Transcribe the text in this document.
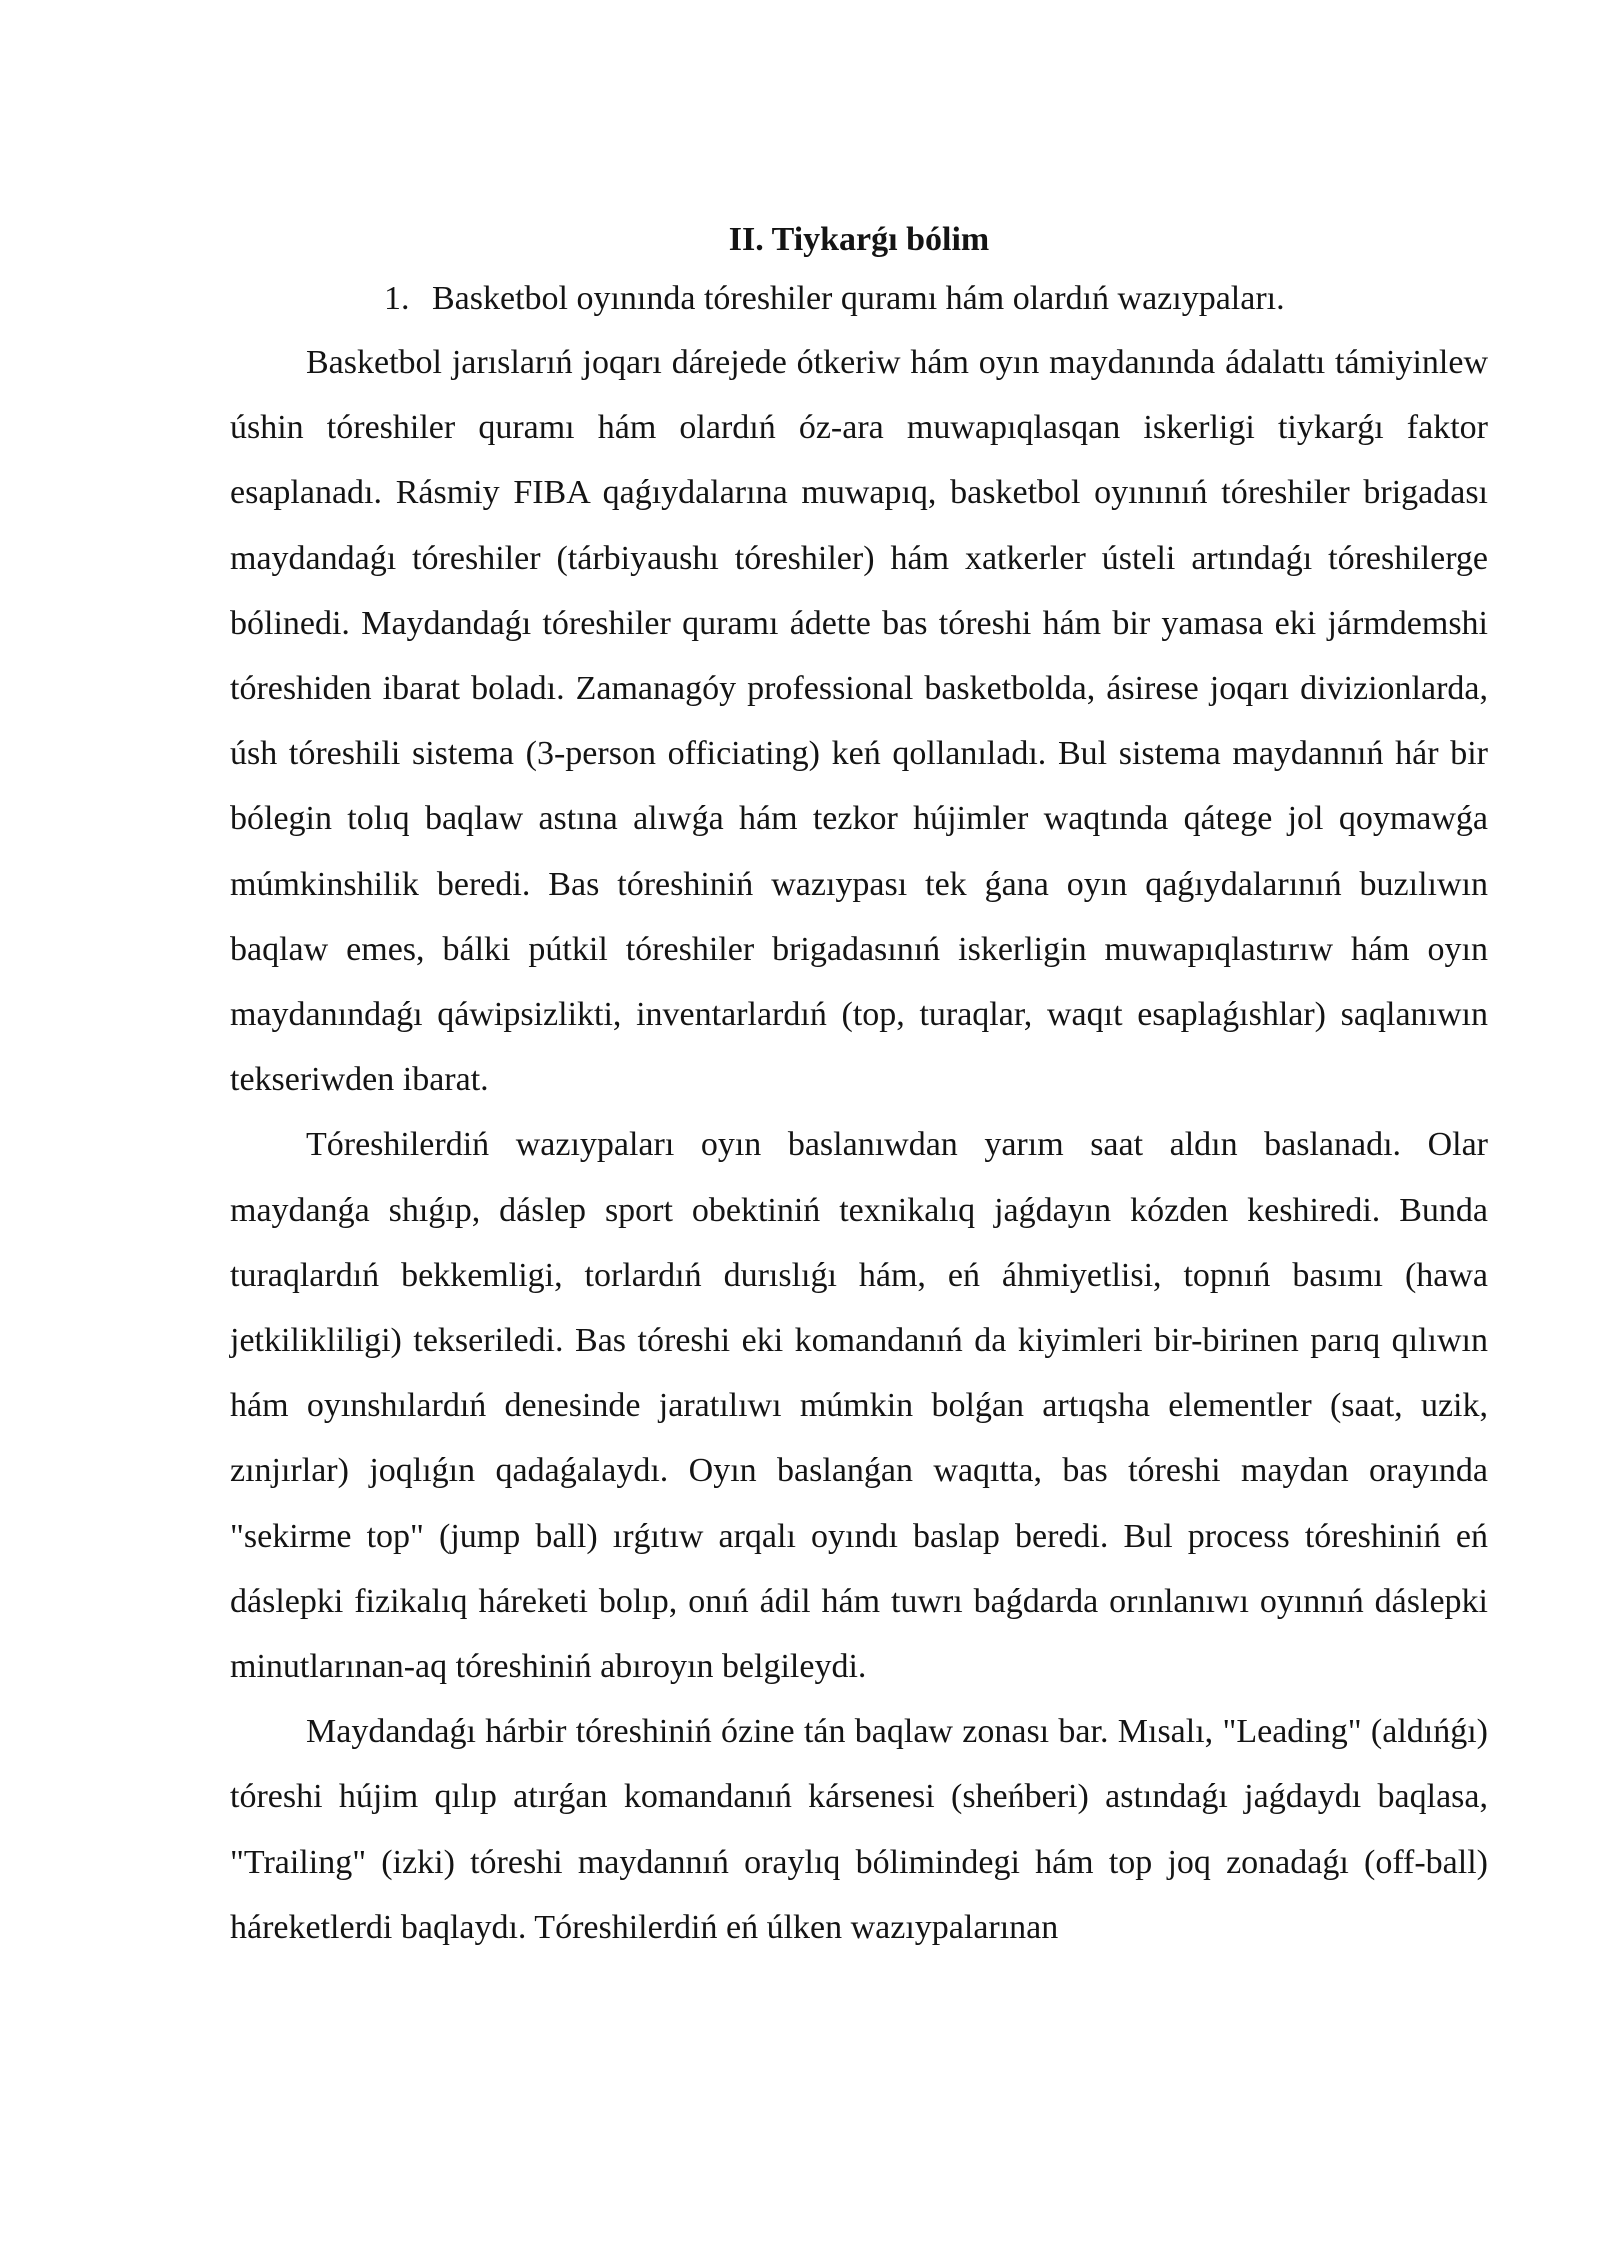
II. Tiykarǵı bólim

1. Basketbol oyınında tóreshiler quramı hám olardıń wazıypaları.

Basketbol jarıslarıń joqarı dárejede ótkeriw hám oyın maydanında ádalattı támiyinlew úshin tóreshiler quramı hám olardıń óz-ara muwapıqlasqan iskerligi tiykarǵı faktor esaplanadı. Rásmiy FIBA qaǵıydalarına muwapıq, basketbol oyınınıń tóreshiler brigadası maydandaǵı tóreshiler (tárbiyaushı tóreshiler) hám xatkerler ústeli artındaǵı tóreshilerge bólinedi. Maydandaǵı tóreshiler quramı ádette bas tóreshi hám bir yamasa eki jármdemshi tóreshiden ibarat boladı. Zamanagóy professional basketbolda, ásirese joqarı divizionlarda, úsh tóreshili sistema (3-person officiating) keń qollanıladı. Bul sistema maydannıń hár bir bólegin tolıq baqlaw astına alıwǵa hám tezkor hújimler waqtında qátege jol qoymawǵa múmkinshilik beredi. Bas tóreshiniń wazıypası tek ǵana oyın qaǵıydalarınıń buzılıwın baqlaw emes, bálki pútkil tóreshiler brigadasınıń iskerligin muwapıqlastırıw hám oyın maydanındaǵı qáwipsizlikti, inventarlardıń (top, turaqlar, waqıt esaplaǵıshlar) saqlanıwın tekseriwden ibarat.

Tóreshilerdiń wazıypaları oyın baslanıwdan yarım saat aldın baslanadı. Olar maydanǵa shıǵıp, dáslep sport obektiniń texnikalıq jaǵdayın kózden keshiredi. Bunda turaqlardıń bekkemligi, torlardıń durıslıǵı hám, eń áhmiyetlisi, topnıń basımı (hawa jetkilikliligi) tekseriledi. Bas tóreshi eki komandanıń da kiyimleri bir-birinen parıq qılıwın hám oyınshılardıń denesinde jaratılıwı múmkin bolǵan artıqsha elementler (saat, uzik, zınjırlar) joqlıǵın qadaǵalaydı. Oyın baslanǵan waqıtta, bas tóreshi maydan orayında "sekirme top" (jump ball) ırǵıtıw arqalı oyındı baslap beredi. Bul process tóreshiniń eń dáslepki fizikalıq háreketi bolıp, onıń ádil hám tuwrı baǵdarda orınlanıwı oyınnıń dáslepki minutlarınan-aq tóreshiniń abıroyın belgileydi.

Maydandaǵı hárbir tóreshiniń ózine tán baqlaw zonası bar. Mısalı, "Leading" (aldıńǵı) tóreshi hújim qılıp atırǵan komandanıń kársenesi (sheńberi) astındaǵı jaǵdaydı baqlasa, "Trailing" (izki) tóreshi maydannıń oraylıq bólimindegi hám top joq zonadaǵı (off-ball) háreketlerdi baqlaydı. Tóreshilerdiń eń úlken wazıypalarınan
